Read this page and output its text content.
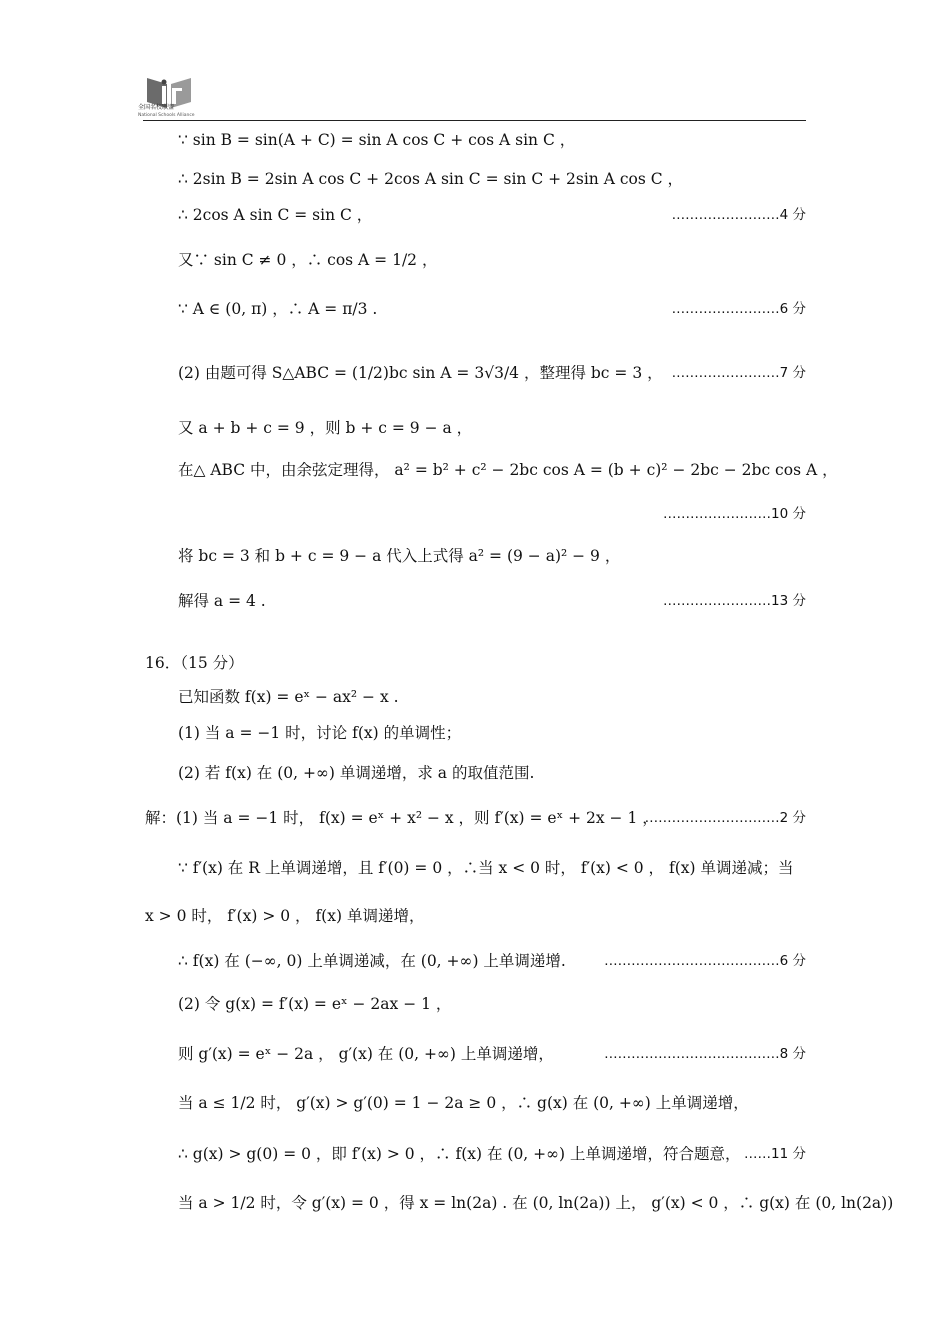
全国名校联盟
National Schools Alliance
∵ sin B = sin(A + C) = sin A cos C + cos A sin C ，
∴ 2sin B = 2sin A cos C + 2cos A sin C = sin C + 2sin A cos C ，
∴ 2cos A sin C = sin C ，	……………………4 分
又∵ sin C ≠ 0 ，∴ cos A = 1/2 ，
∵ A ∈ (0, π) ，∴ A = π/3 .	……………………6 分
(2) 由题可得 S△ABC = (1/2)bc sin A = 3√3/4 ，整理得 bc = 3 ， ……………………7 分
又 a + b + c = 9 ，则 b + c = 9 − a ，
在△ ABC 中，由余弦定理得， a² = b² + c² − 2bc cos A = (b + c)² − 2bc − 2bc cos A ，
……………………10 分
将 bc = 3 和 b + c = 9 − a 代入上式得 a² = (9 − a)² − 9 ，
解得 a = 4 .	……………………13 分
16．（15 分）
已知函数 f(x) = eˣ − ax² − x .
(1) 当 a = −1 时，讨论 f(x) 的单调性；
(2) 若 f(x) 在 (0, +∞) 单调递增，求 a 的取值范围.
解：(1) 当 a = −1 时， f(x) = eˣ + x² − x ，则 f′(x) = eˣ + 2x − 1 ，
…………………………2 分
∵ f′(x) 在 R 上单调递增，且 f′(0) = 0 ，∴当 x < 0 时， f′(x) < 0 ， f(x) 单调递减；当
x > 0 时， f′(x) > 0 ， f(x) 单调递增，
∴ f(x) 在 (−∞, 0) 上单调递减，在 (0, +∞) 上单调递增.	…………………………………6 分
(2) 令 g(x) = f′(x) = eˣ − 2ax − 1 ，
则 g′(x) = eˣ − 2a ， g′(x) 在 (0, +∞) 上单调递增，	…………………………………8 分
当 a ≤ 1/2 时， g′(x) > g′(0) = 1 − 2a ≥ 0 ，∴ g(x) 在 (0, +∞) 上单调递增，
∴ g(x) > g(0) = 0 ，即 f′(x) > 0 ，∴ f(x) 在 (0, +∞) 上单调递增，符合题意， ……11 分
当 a > 1/2 时，令 g′(x) = 0 ，得 x = ln(2a) . 在 (0, ln(2a)) 上， g′(x) < 0 ，∴ g(x) 在 (0, ln(2a))
